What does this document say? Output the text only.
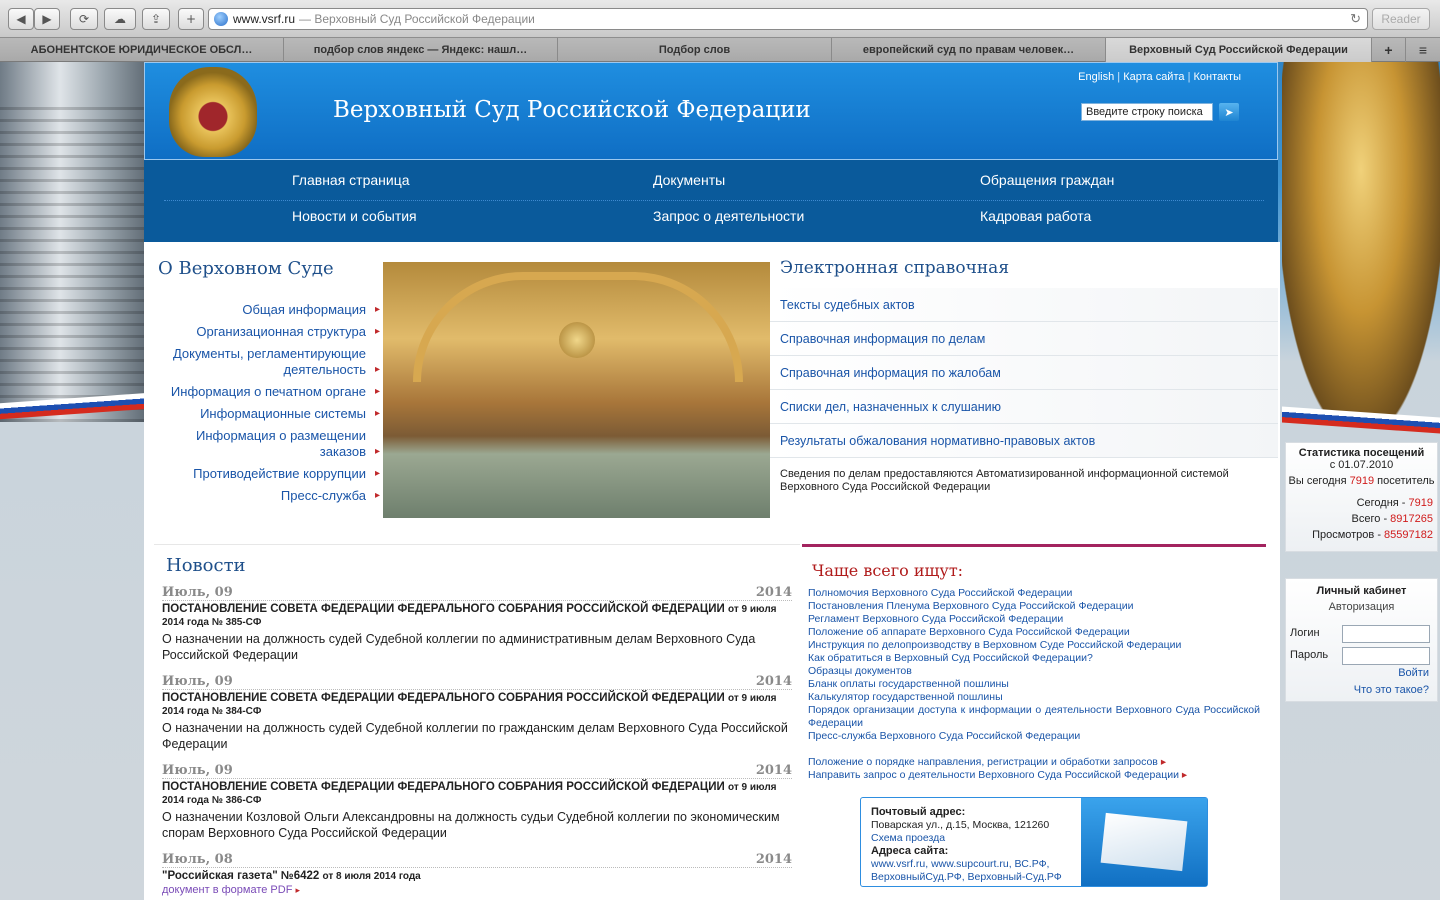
◀	▶	⟳	☁	⇪	+	www.vsrf.ru — Верховный Суд Российской Федерации	↻	Reader
АБОНЕНТСКОЕ ЮРИДИЧЕСКОЕ ОБСЛ…	подбор слов яндекс — Яндекс: нашл…	Подбор слов	европейский суд по правам человек…	Верховный Суд Российской Федерации	+	≡
Верховный Суд Российской Федерации
English | Карта сайта | Контакты
Введите строку поиска	➤
Главная страница	Документы	Обращения граждан
Новости и события	Запрос о деятельности	Кадровая работа
О Верховном Суде
Общая информация ▸
Организационная структура ▸
Документы, регламентирующие деятельность ▸
Информация о печатном органе ▸
Информационные системы ▸
Информация о размещении заказов ▸
Противодействие коррупции ▸
Пресс-служба ▸
Электронная справочная
Тексты судебных актов
Справочная информация по делам
Справочная информация по жалобам
Списки дел, назначенных к слушанию
Результаты обжалования нормативно-правовых актов
Сведения по делам предоставляются Автоматизированной информационной системой Верховного Суда Российской Федерации
Новости
Июль, 09	2014
ПОСТАНОВЛЕНИЕ СОВЕТА ФЕДЕРАЦИИ ФЕДЕРАЛЬНОГО СОБРАНИЯ РОССИЙСКОЙ ФЕДЕРАЦИИ от 9 июля 2014 года № 385-СФ
О назначении на должность судей Судебной коллегии по административным делам Верховного Суда Российской Федерации
Июль, 09	2014
ПОСТАНОВЛЕНИЕ СОВЕТА ФЕДЕРАЦИИ ФЕДЕРАЛЬНОГО СОБРАНИЯ РОССИЙСКОЙ ФЕДЕРАЦИИ от 9 июля 2014 года № 384-СФ
О назначении на должность судей Судебной коллегии по гражданским делам Верховного Суда Российской Федерации
Июль, 09	2014
ПОСТАНОВЛЕНИЕ СОВЕТА ФЕДЕРАЦИИ ФЕДЕРАЛЬНОГО СОБРАНИЯ РОССИЙСКОЙ ФЕДЕРАЦИИ от 9 июля 2014 года № 386-СФ
О назначении Козловой Ольги Александровны на должность судьи Судебной коллегии по экономическим спорам Верховного Суда Российской Федерации
Июль, 08	2014
"Российская газета" №6422 от 8 июля 2014 года
документ в формате PDF ▸
Чаще всего ищут:
Полномочия Верховного Суда Российской Федерации
Постановления Пленума Верховного Суда Российской Федерации
Регламент Верховного Суда Российской Федерации
Положение об аппарате Верховного Суда Российской Федерации
Инструкция по делопроизводству в Верховном Суде Российской Федерации
Как обратиться в Верховный Суд Российской Федерации?
Образцы документов
Бланк оплаты государственной пошлины
Калькулятор государственной пошлины
Порядок организации доступа к информации о деятельности Верховного Суда Российской Федерации
Пресс-служба Верховного Суда Российской Федерации
Положение о порядке направления, регистрации и обработки запросов ▸
Направить запрос о деятельности Верховного Суда Российской Федерации ▸
Почтовый адрес:
Поварская ул., д.15, Москва, 121260
Схема проезда
Адреса сайта:
www.vsrf.ru, www.supcourt.ru, ВС.РФ,
ВерховныйСуд.РФ, Верховный-Суд.РФ
Статистика посещений
с 01.07.2010
Вы сегодня 7919 посетитель
Сегодня - 7919
Всего - 8917265
Просмотров - 85597182
Личный кабинет
Авторизация
Логин
Пароль
Войти
Что это такое?
